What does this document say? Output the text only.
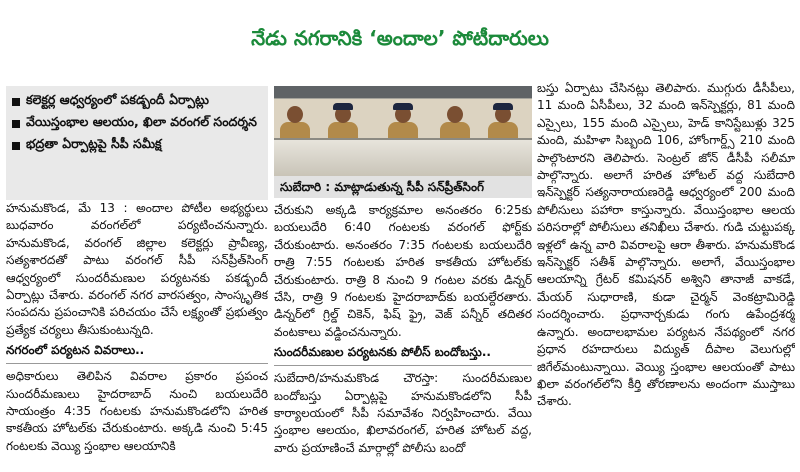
నేడు నగరానికి ‘అందాల’ పోటీదారులు
కలెక్టర్ల ఆధ్వర్యంలో పకడ్బందీ ఏర్పాట్లు
వేయిస్తంభాల ఆలయం, ఖిలా వరంగల్ సందర్శన
భద్రతా ఏర్పాట్లపై సీపీ సమీక్ష

హనుమకొండ, మే 13 : అందాల పోటీల అభ్యర్థులు బుధవారం వరంగల్‌లో పర్యటించనున్నారు. హనుమకొండ, వరంగల్ జిల్లాల కలెక్టర్లు ప్రావీణ్య, సత్యశారదతో పాటు వరంగల్ సీపీ సన్‌ప్రీత్‌సింగ్ ఆధ్వర్యంలో సుందరీమణుల పర్యటనకు పకడ్బందీ ఏర్పాట్లు చేశారు. వరంగల్ నగర వారసత్వం, సాంస్కృతిక సంపదను ప్రపంచానికి పరిచయం చేసే లక్ష్యంతో ప్రభుత్వం ప్రత్యేక చర్యలు తీసుకుంటున్నది.

నగరంలో పర్యటన వివరాలు..

అధికారులు తెలిపిన వివరాల ప్రకారం ప్రపంచ సుందరీమణులు హైదరాబాద్ నుంచి బయలుదేరి సాయంత్రం 4:35 గంటలకు హనుమకొండలోని హరిత కాకతీయ హోటల్‌కు చేరుకుంటారు. అక్కడి నుంచి 5:45 గంటలకు వెయ్యి స్తంభాల ఆలయానికి

సుబేదారి : మాట్లాడుతున్న సీపీ సన్‌ప్రీత్‌సింగ్

చేరుకుని అక్కడి కార్యక్రమాల అనంతరం 6:25కు బయలుదేరి 6:40 గంటలకు వరంగల్ ఫోర్ట్‌కు చేరుకుంటారు. అనంతరం 7:35 గంటలకు బయలుదేరి రాత్రి 7:55 గంటలకు హరిత కాకతీయ హోటల్‌కు చేరుకుంటారు. రాత్రి 8 నుంచి 9 గంటల వరకు డిన్నర్ చేసి, రాత్రి 9 గంటలకు హైదరాబాద్‌కు బయల్దేరతారు. డిన్నర్‌లో గ్రిల్డ్ చికెన్, ఫిష్ ఫ్రై, వెజ్ పన్నీర్ తదితర వంటకాలు వడ్డించనున్నారు.

సుందరీమణుల పర్యటనకు పోలీస్ బందోబస్తు..

సుబేదారి/హనుమకొండ చౌరస్తా: సుందరీమణుల బందోబస్తు ఏర్పాట్లపై హనుమకొండలోని సీపీ కార్యాలయంలో సీపీ సమావేశం నిర్వహించారు. వేయి స్తంభాల ఆలయం, ఖిలావరంగల్, హరిత హోటల్ వద్ద, వారు ప్రయాణించే మార్గాల్లో పోలీసు బందో

బస్తు ఏర్పాటు చేసినట్లు తెలిపారు. ముగ్గురు డీసీపీలు, 11 మంది ఏసీపీలు, 32 మంది ఇన్‌స్పెక్టర్లు, 81 మంది ఎస్సైలు, 155 మంది ఎస్సైలు, హెడ్ కానిస్టేబుళ్లు 325 మంది, మహిళా సిబ్బంది 106, హోంగార్డ్స్ 210 మంది పాల్గొంటారని తెలిపారు. సెంట్రల్ జోన్ డీసీపీ సలీమా పాల్గొన్నారు. అలాగే హరిత హోటల్ వద్ద సుబేదారి ఇన్‌స్పెక్టర్ సత్యనారాయణరెడ్డి ఆధ్వర్యంలో 200 మంది పోలీసులు పహారా కాస్తున్నారు. వేయిస్తంభాల ఆలయ పరిసరాల్లో పోలీసులు తనిఖీలు చేశారు. గుడి చుట్టుపక్క ఇళ్లలో ఉన్న వారి వివరాలపై ఆరా తీశారు. హనుమకొండ ఇన్‌స్పెక్టర్ సతీశ్ పాల్గొన్నారు. అలాగే, వేయిస్తంభాల ఆలయాన్ని గ్రేటర్ కమిషనర్ అశ్విని తానాజీ వాకడే, మేయర్ సుధారాణి, కుడా చైర్మన్ వెంకట్రామిరెడ్డి సందర్శించారు. ప్రధానార్చకుడు గంగు ఉపేంద్రశర్మ ఉన్నారు. అందాలభామల పర్యటన నేపథ్యంలో నగర ప్రధాన రహదారులు విద్యుత్ దీపాల వెలుగుల్లో జిగేల్‌మంటున్నాయి. వెయ్యి స్తంభాల ఆలయంతో పాటు ఖిలా వరంగల్‌లోని కీర్తి తోరణాలను అందంగా ముస్తాబు చేశారు.
